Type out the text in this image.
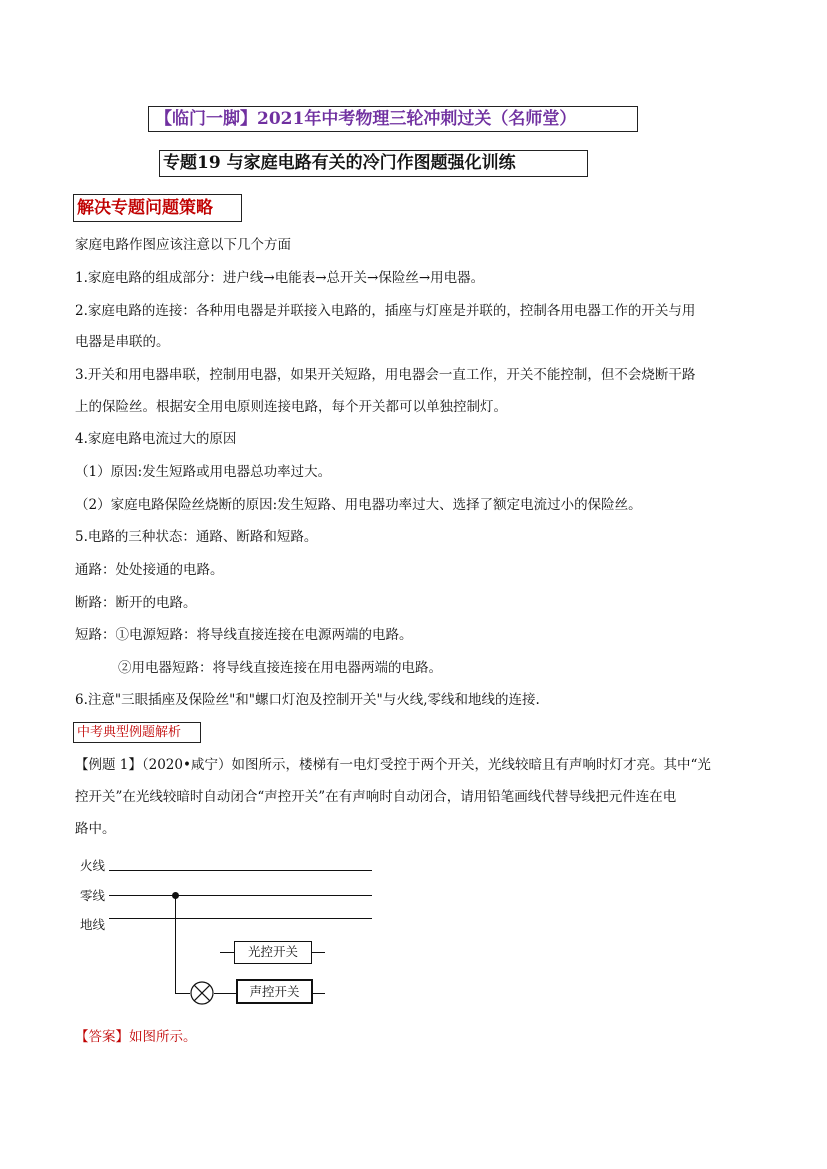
【临门一脚】2021年中考物理三轮冲刺过关（名师堂）
专题19 与家庭电路有关的冷门作图题强化训练
解决专题问题策略
家庭电路作图应该注意以下几个方面
1.家庭电路的组成部分：进户线→电能表→总开关→保险丝→用电器。
2.家庭电路的连接：各种用电器是并联接入电路的，插座与灯座是并联的，控制各用电器工作的开关与用
电器是串联的。
3.开关和用电器串联，控制用电器，如果开关短路，用电器会一直工作，开关不能控制，但不会烧断干路
上的保险丝。根据安全用电原则连接电路，每个开关都可以单独控制灯。
4.家庭电路电流过大的原因
（1）原因:发生短路或用电器总功率过大。
（2）家庭电路保险丝烧断的原因:发生短路、用电器功率过大、选择了额定电流过小的保险丝。
5.电路的三种状态：通路、断路和短路。
通路：处处接通的电路。
断路：断开的电路。
短路：①电源短路：将导线直接连接在电源两端的电路。
②用电器短路：将导线直接连接在用电器两端的电路。
6.注意"三眼插座及保险丝"和"螺口灯泡及控制开关"与火线,零线和地线的连接.
中考典型例题解析
【例题 1】（2020•咸宁）如图所示，楼梯有一电灯受控于两个开关，光线较暗且有声响时灯才亮。其中“光
控开关”在光线较暗时自动闭合“声控开关”在有声响时自动闭合，请用铅笔画线代替导线把元件连在电
路中。
火线
零线
地线
光控开关
声控开关
【答案】如图所示。
